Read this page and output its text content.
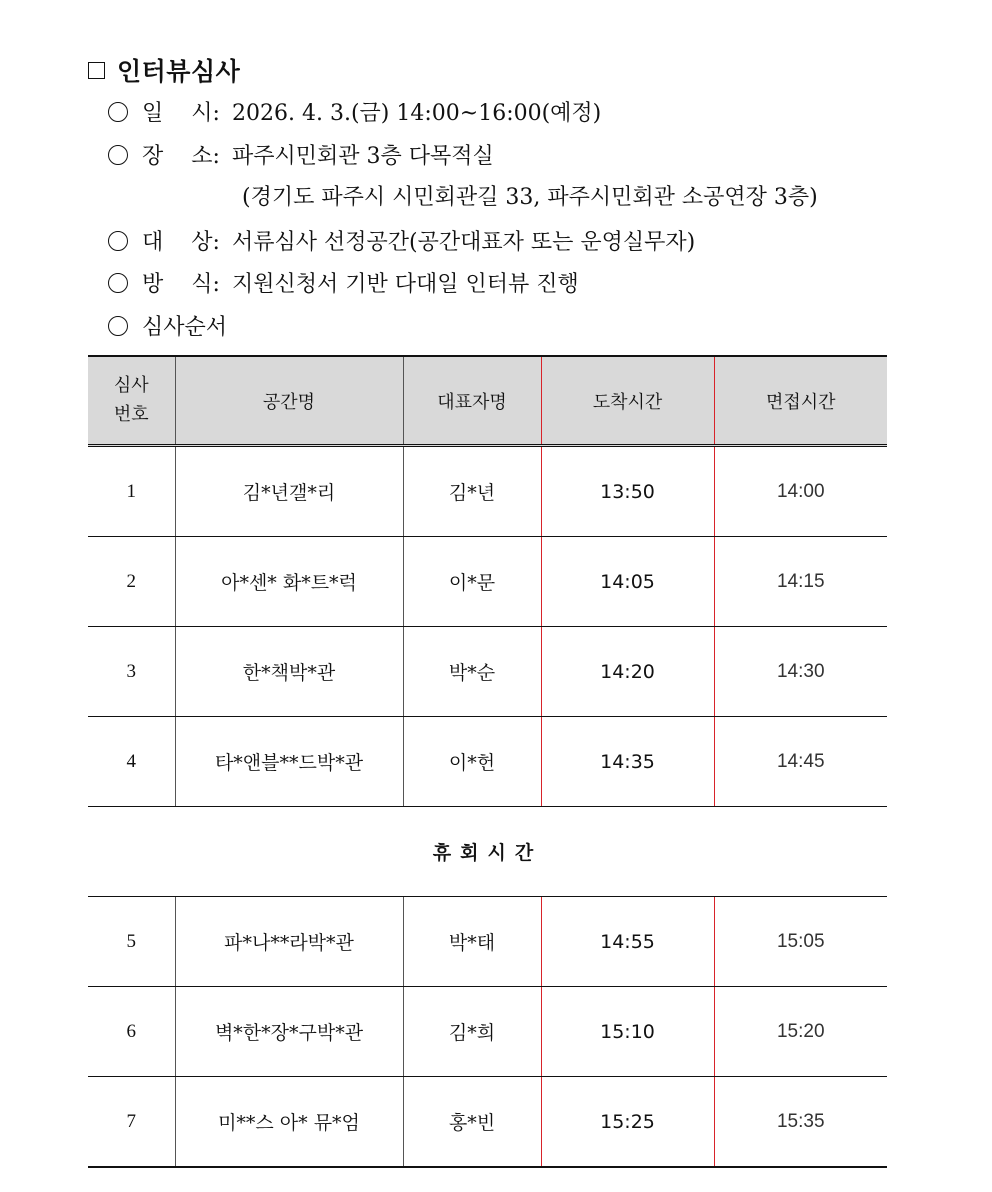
인터뷰심사
일    시: 2026. 4. 3.(금) 14:00~16:00(예정)
장    소: 파주시민회관 3층 다목적실
(경기도 파주시 시민회관길 33, 파주시민회관 소공연장 3층)
대    상: 서류심사 선정공간(공간대표자 또는 운영실무자)
방    식: 지원신청서 기반 다대일 인터뷰 진행
심사순서
심사
번호	공간명	대표자명	도착시간	면접시간
1	김*년갤*리	김*년	13:50	14:00
2	아*센* 화*트*럭	이*문	14:05	14:15
3	한*책박*관	박*순	14:20	14:30
4	타*앤블**드박*관	이*헌	14:35	14:45
휴회시간				
5	파*나**라박*관	박*태	14:55	15:05
6	벽*한*장*구박*관	김*희	15:10	15:20
7	미**스 아* 뮤*엄	홍*빈	15:25	15:35
